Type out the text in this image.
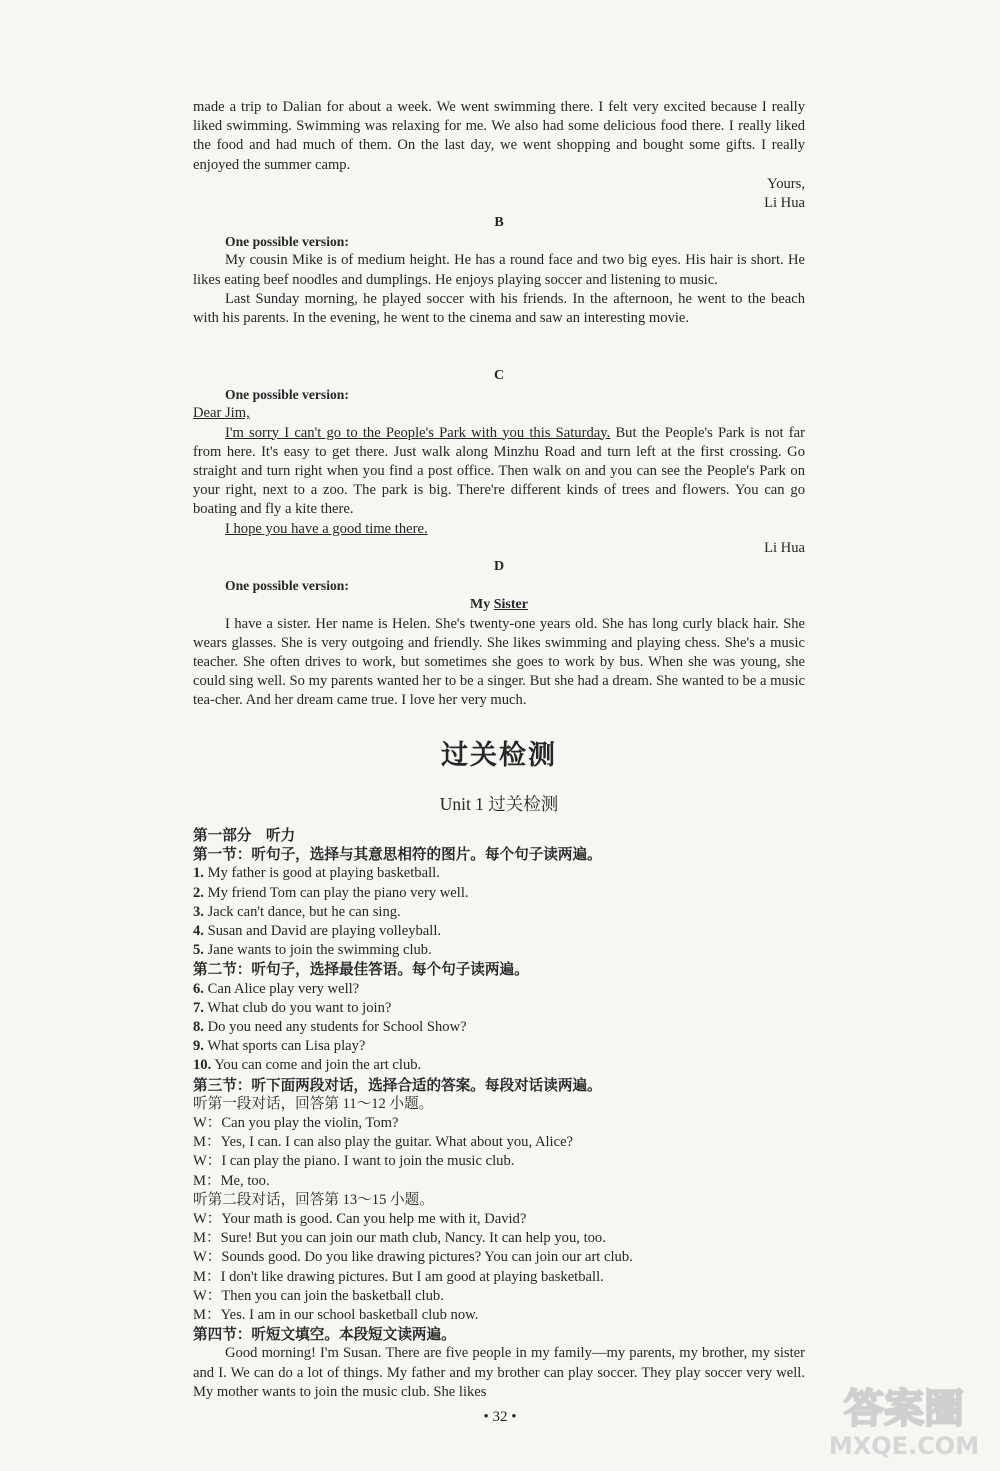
made a trip to Dalian for about a week. We went swimming there. I felt very excited because I really liked swimming. Swimming was relaxing for me. We also had some delicious food there. I really liked the food and had much of them. On the last day, we went shopping and bought some gifts. I really enjoyed the summer camp.

Yours,

Li Hua

B

One possible version:

My cousin Mike is of medium height. He has a round face and two big eyes. His hair is short. He likes eating beef noodles and dumplings. He enjoys playing soccer and listening to music.

Last Sunday morning, he played soccer with his friends. In the afternoon, he went to the beach with his parents. In the evening, he went to the cinema and saw an interesting movie.

C

One possible version:

Dear Jim,

I'm sorry I can't go to the People's Park with you this Saturday. But the People's Park is not far from here. It's easy to get there. Just walk along Minzhu Road and turn left at the first crossing. Go straight and turn right when you find a post office. Then walk on and you can see the People's Park on your right, next to a zoo. The park is big. There're different kinds of trees and flowers. You can go boating and fly a kite there.

I hope you have a good time there.

Li Hua

D

One possible version:

My Sister

I have a sister. Her name is Helen. She's twenty-one years old. She has long curly black hair. She wears glasses. She is very outgoing and friendly. She likes swimming and playing chess. She's a music teacher. She often drives to work, but sometimes she goes to work by bus. When she was young, she could sing well. So my parents wanted her to be a singer. But she had a dream. She wanted to be a music tea-cher. And her dream came true. I love her very much.

过关检测
Unit 1 过关检测

第一部分　听力

第一节：听句子，选择与其意思相符的图片。每个句子读两遍。

1. My father is good at playing basketball.

2. My friend Tom can play the piano very well.

3. Jack can't dance, but he can sing.

4. Susan and David are playing volleyball.

5. Jane wants to join the swimming club.

第二节：听句子，选择最佳答语。每个句子读两遍。

6. Can Alice play very well?

7. What club do you want to join?

8. Do you need any students for School Show?

9. What sports can Lisa play?

10. You can come and join the art club.

第三节：听下面两段对话，选择合适的答案。每段对话读两遍。

听第一段对话，回答第 11～12 小题。

W：Can you play the violin, Tom?

M：Yes, I can. I can also play the guitar. What about you, Alice?

W：I can play the piano. I want to join the music club.

M：Me, too.

听第二段对话，回答第 13～15 小题。

W：Your math is good. Can you help me with it, David?

M：Sure! But you can join our math club, Nancy. It can help you, too.

W：Sounds good. Do you like drawing pictures? You can join our art club.

M：I don't like drawing pictures. But I am good at playing basketball.

W：Then you can join the basketball club.

M：Yes. I am in our school basketball club now.

第四节：听短文填空。本段短文读两遍。

Good morning! I'm Susan. There are five people in my family—my parents, my brother, my sister and I. We can do a lot of things. My father and my brother can play soccer. They play soccer very well. My mother wants to join the music club. She likes

• 32 •	答案圈
MXQE.COM
